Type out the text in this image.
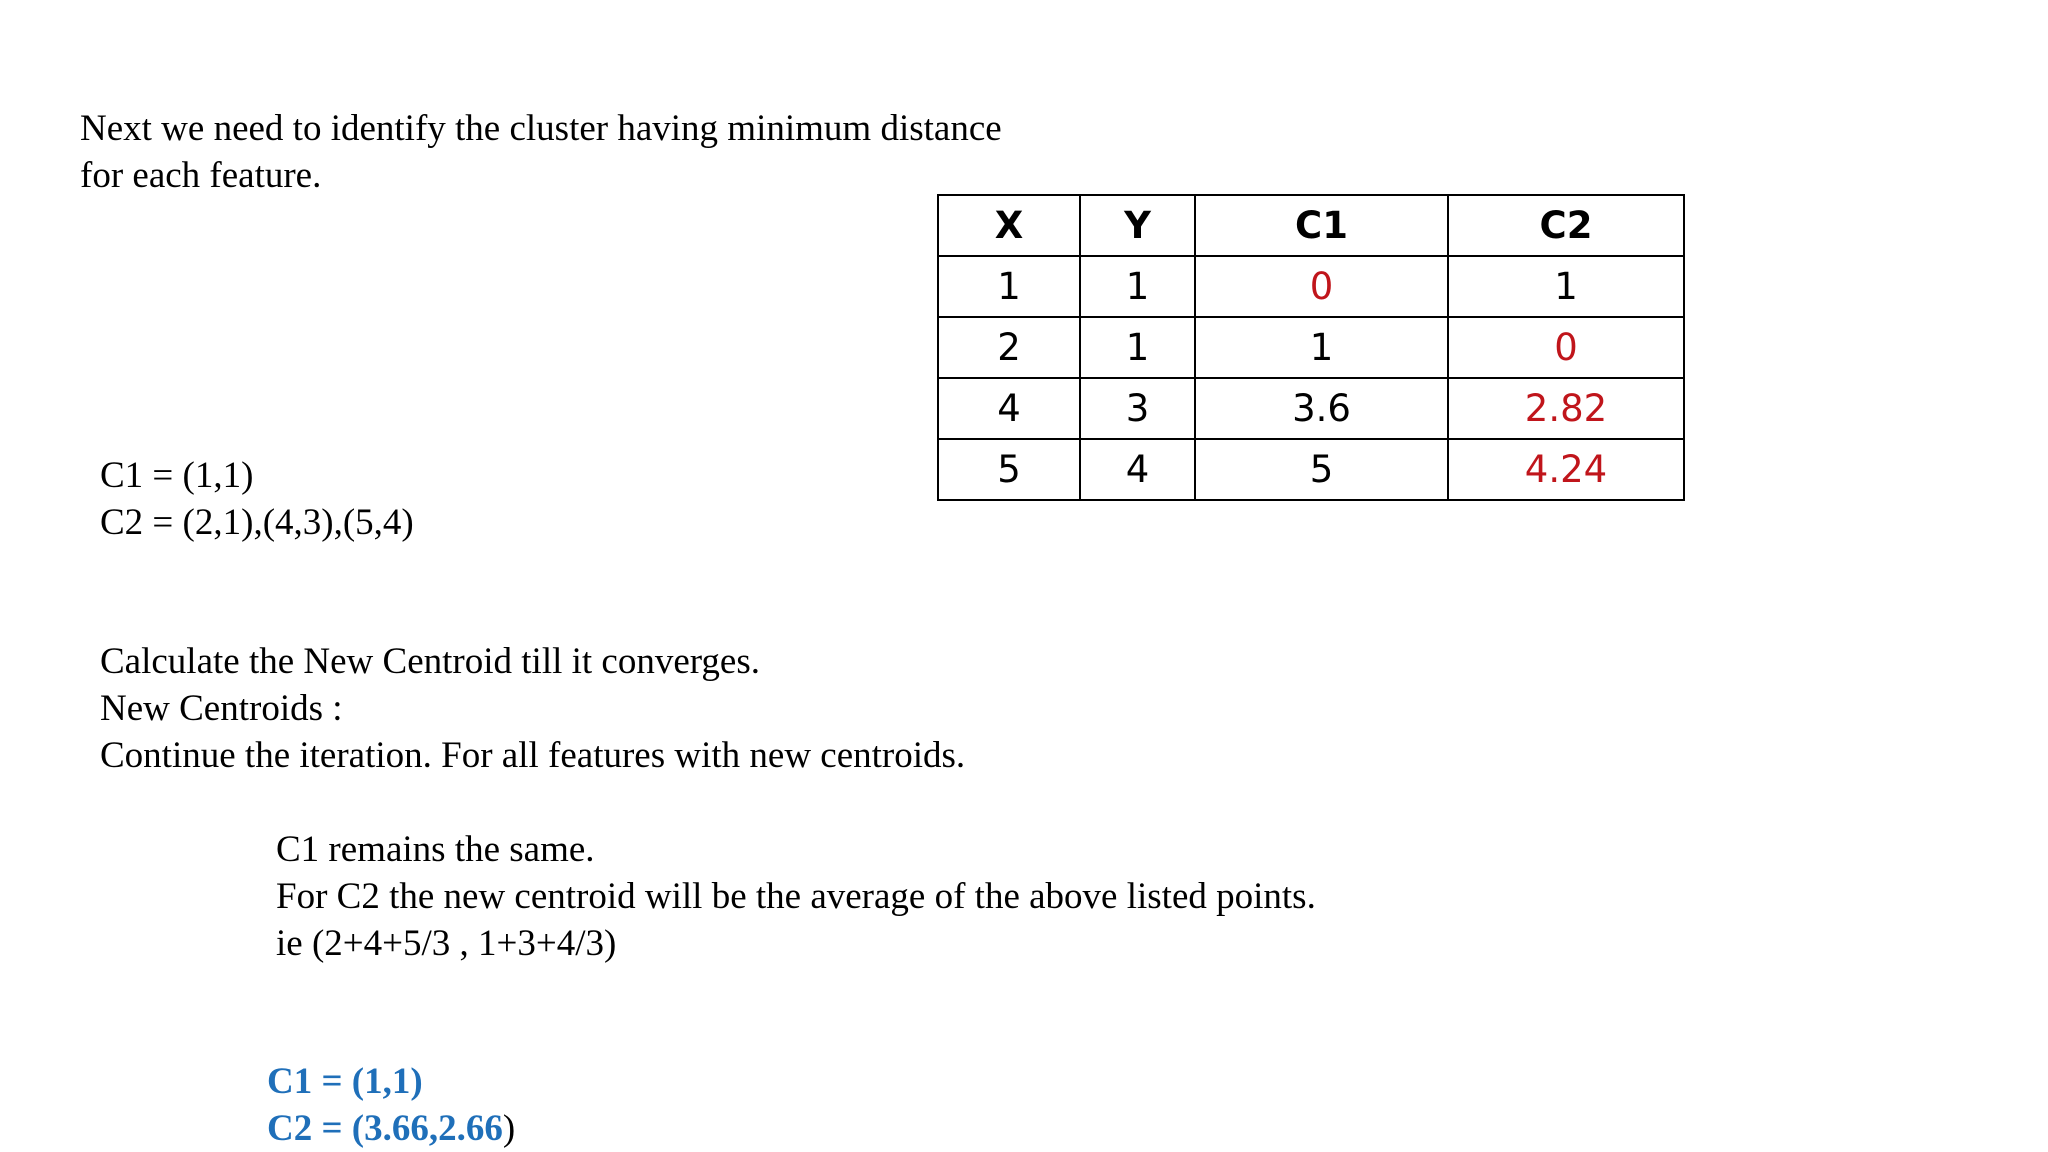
Next we need to identify the cluster having minimum distance
for each feature.
X	Y	C1	C2
1	1	0	1
2	1	1	0
4	3	3.6	2.82
5	4	5	4.24
C1 = (1,1)
C2 = (2,1),(4,3),(5,4)
Calculate the New Centroid till it converges.
New Centroids :
Continue the iteration. For all features with new centroids.
C1 remains the same.
For C2 the new centroid will be the average of the above listed points.
ie (2+4+5/3 , 1+3+4/3)
C1 = (1,1)
C2 = (3.66,2.66)
